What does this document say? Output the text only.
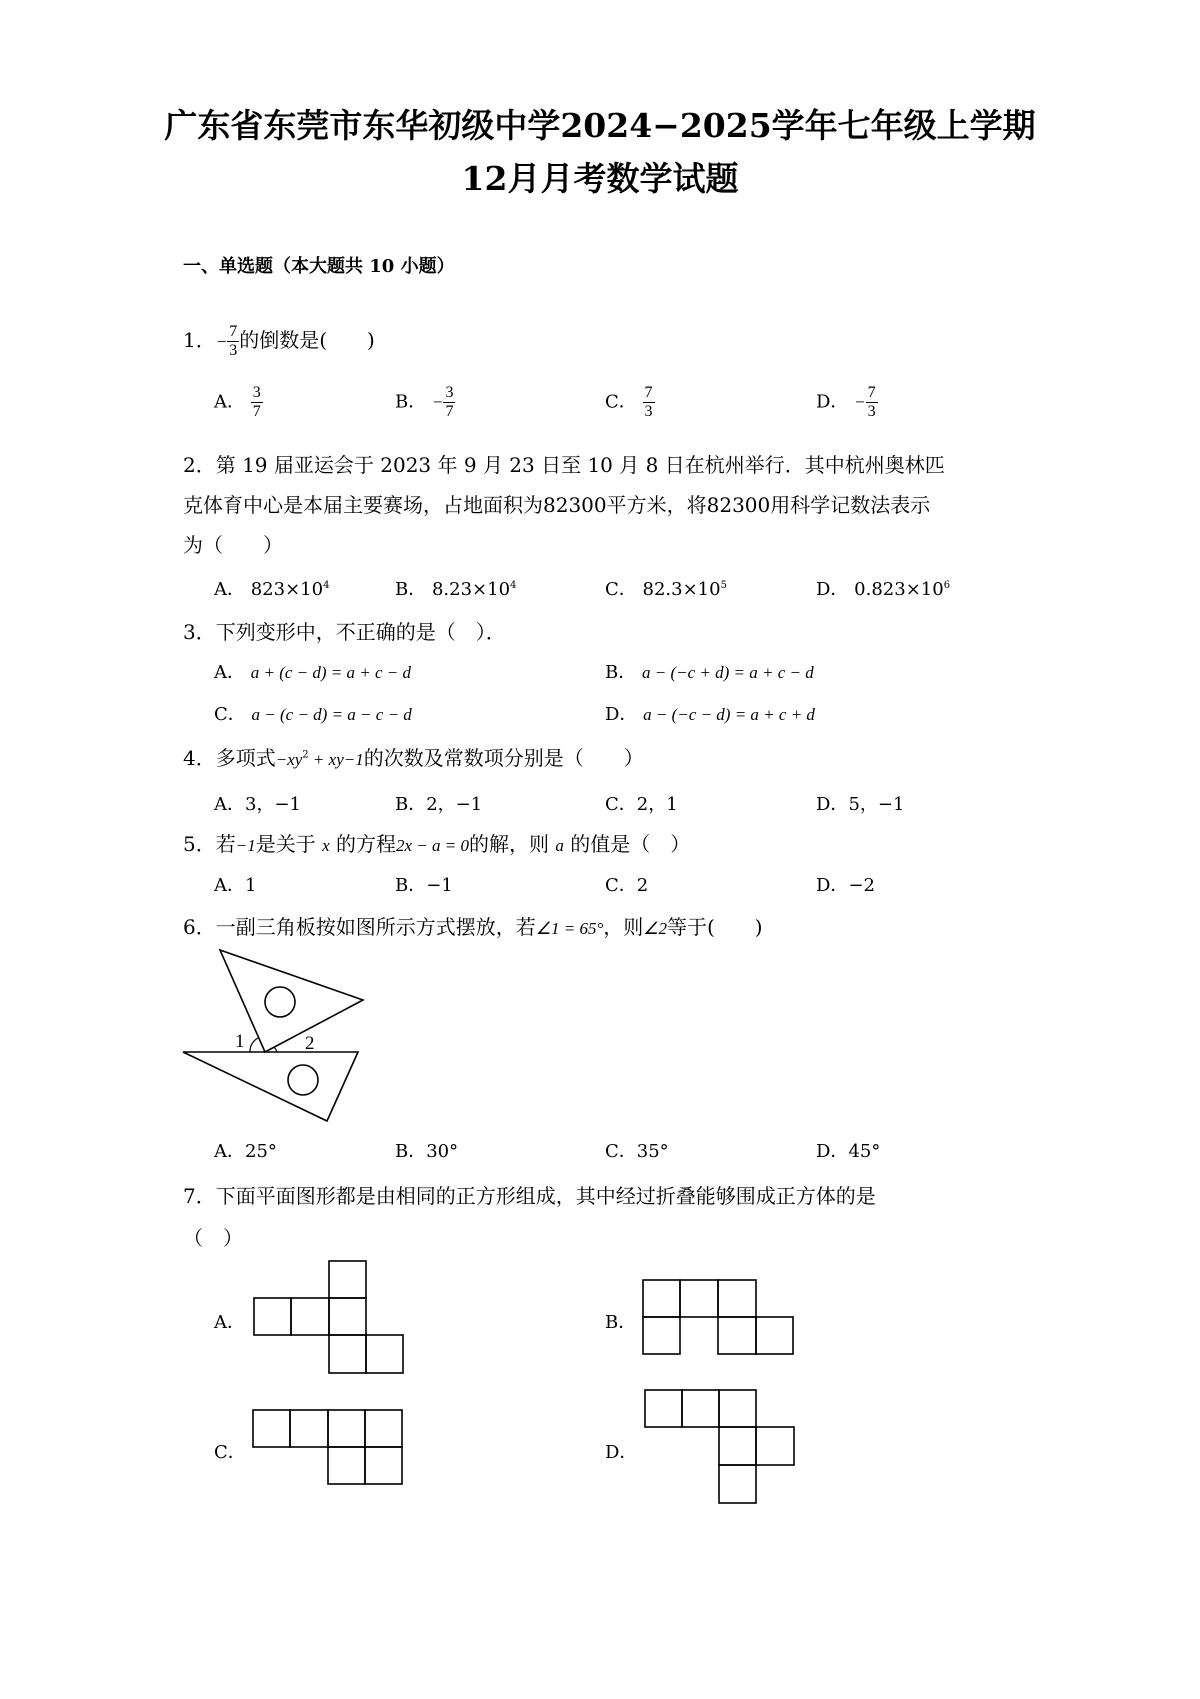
广东省东莞市东华初级中学2024−2025学年七年级上学期
12月月考数学试题
一、单选题（本大题共 10 小题）
1．− $\frac{7}{3}$ 的倒数是(　　)
A． $\frac{3}{7}$	B． − $\frac{3}{7}$	C． $\frac{7}{3}$	D． − $\frac{7}{3}$
2．第 19 届亚运会于 2023 年 9 月 23 日至 10 月 8 日在杭州举行．其中杭州奥林匹
克体育中心是本届主要赛场，占地面积为82300平方米，将82300用科学记数法表示
为（　　）
A． $823\times 10^4$	B． $8.23\times 10^4$	C． $82.3\times 10^5$	D． $0.823\times 10^6$
3．下列变形中，不正确的是（　）．
A． a + (c − d) = a + c − d	B． a − (−c + d) = a + c − d
C． a − (c − d) = a − c − d	D． a − (−c − d) = a + c + d
4．多项式$-xy^2 + xy-1$的次数及常数项分别是（　　）
A．3，−1	B．2，−1	C．2，1	D．5，−1
5．若−1是关于 x 的方程2x − a = 0的解，则 a 的值是（　）
A．1	B．−1	C．2	D．−2
6．一副三角板按如图所示方式摆放，若∠1 = 65°，则∠2等于(　　)
1	2
A．25°	B．30°	C．35°	D．45°
7．下面平面图形都是由相同的正方形组成，其中经过折叠能够围成正方体的是
（　）
A．	B．
C．	D．
